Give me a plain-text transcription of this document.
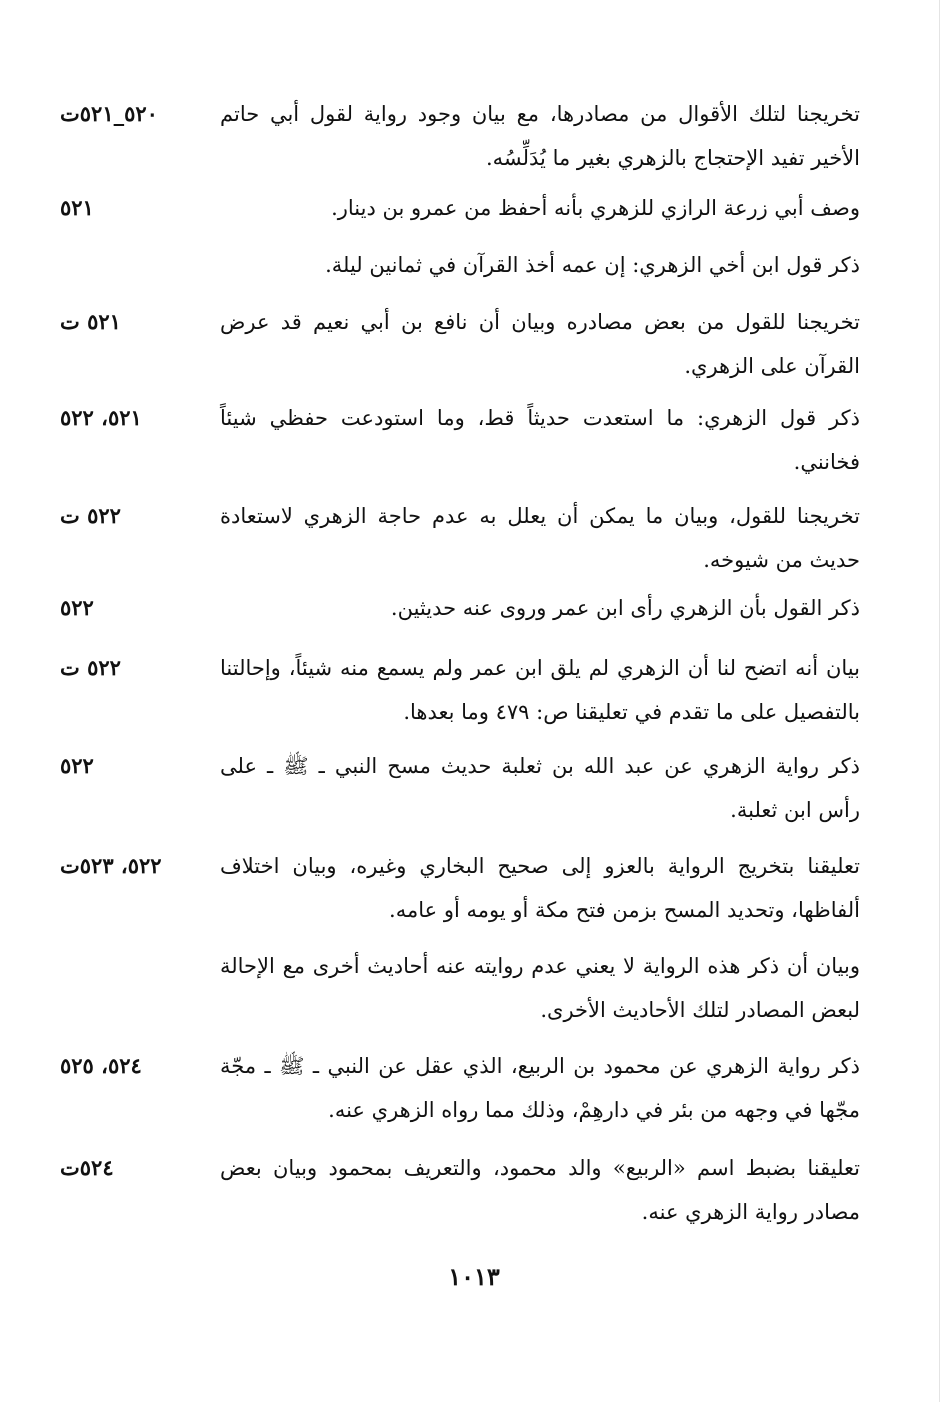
تخريجنا لتلك الأقوال من مصادرها، مع بيان وجود رواية لقول أبي حاتم الأخير تفيد الإحتجاج بالزهري بغير ما يُدَلِّسُه.
٥٢٠_٥٢١ت
وصف أبي زرعة الرازي للزهري بأنه أحفظ من عمرو بن دينار.
٥٢١
ذكر قول ابن أخي الزهري: إن عمه أخذ القرآن في ثمانين ليلة.
تخريجنا للقول من بعض مصادره وبيان أن نافع بن أبي نعيم قد عرض القرآن على الزهري.
٥٢١ ت
ذكر قول الزهري: ما استعدت حديثاً قط، وما استودعت حفظي شيئاً فخانني.
٥٢١، ٥٢٢
تخريجنا للقول، وبيان ما يمكن أن يعلل به عدم حاجة الزهري لاستعادة حديث من شيوخه.
٥٢٢ ت
ذكر القول بأن الزهري رأى ابن عمر وروى عنه حديثين.
٥٢٢
بيان أنه اتضح لنا أن الزهري لم يلق ابن عمر ولم يسمع منه شيئاً، وإحالتنا بالتفصيل على ما تقدم في تعليقنا ص: ٤٧٩ وما بعدها.
٥٢٢ ت
ذكر رواية الزهري عن عبد الله بن ثعلبة حديث مسح النبي ـ ﷺ ـ على رأس ابن ثعلبة.
٥٢٢
تعليقنا بتخريج الرواية بالعزو إلى صحيح البخاري وغيره، وبيان اختلاف ألفاظها، وتحديد المسح بزمن فتح مكة أو يومه أو عامه.
٥٢٢، ٥٢٣ت
وبيان أن ذكر هذه الرواية لا يعني عدم روايته عنه أحاديث أخرى مع الإحالة لبعض المصادر لتلك الأحاديث الأخرى.
ذكر رواية الزهري عن محمود بن الربيع، الذي عقل عن النبي ـ ﷺ ـ مجّة مجّها في وجهه من بئر في دارهِمْ، وذلك مما رواه الزهري عنه.
٥٢٤، ٥٢٥
تعليقنا بضبط اسم «الربيع» والد محمود، والتعريف بمحمود وبيان بعض مصادر رواية الزهري عنه.
٥٢٤ت
١٠١٣
